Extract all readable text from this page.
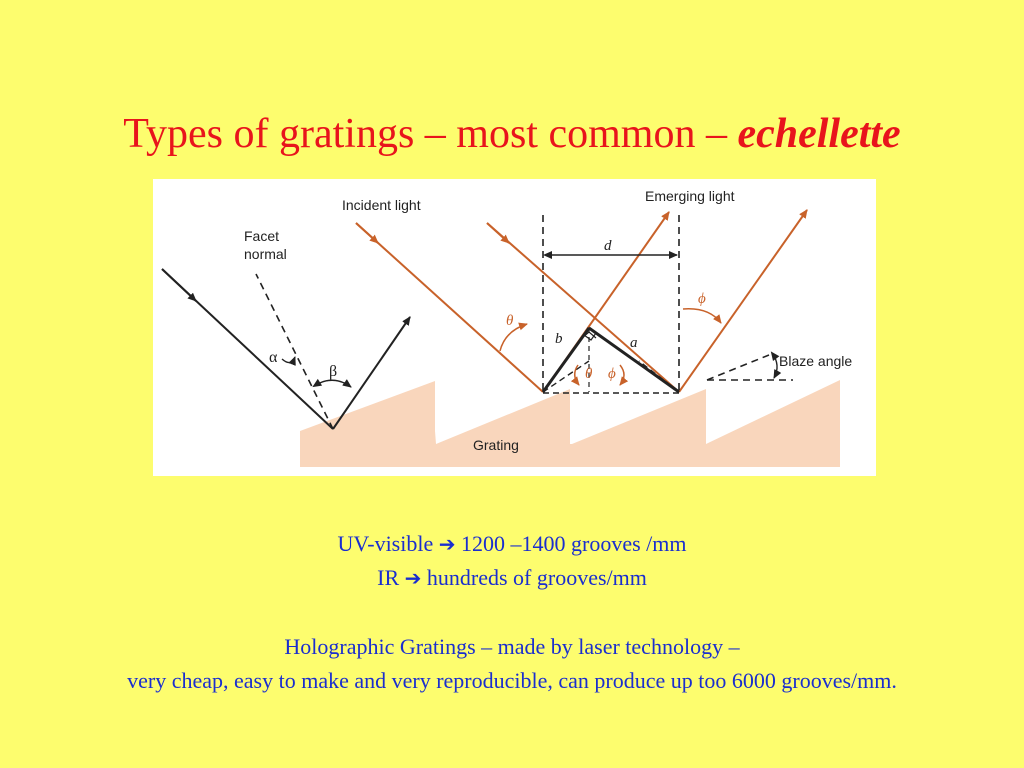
Types of gratings – most common – echellette
α
β
Facet
normal
Incident light
Emerging light
d
b	a
θ
ϕ
θ ϕ
Blaze angle
Grating
UV-visible ➔ 1200 –1400 grooves /mm
IR ➔ hundreds of grooves/mm
Holographic Gratings – made by laser technology –
very cheap, easy to make and very reproducible, can produce up too 6000 grooves/mm.
